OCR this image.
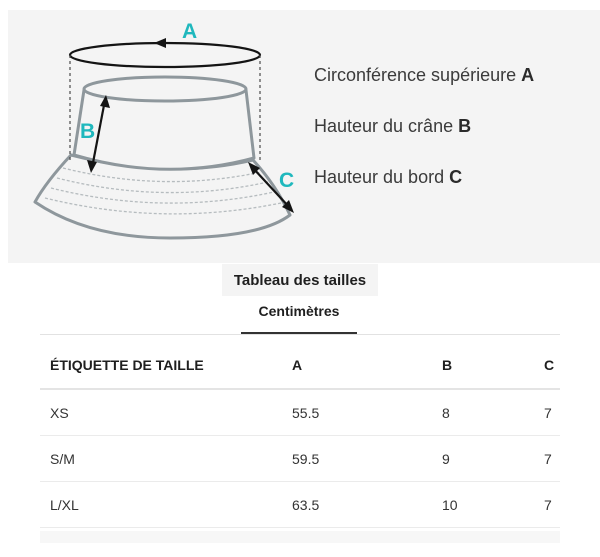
A
B
C
Circonférence supérieure A
Hauteur du crâne B
Hauteur du bord C
Tableau des tailles
Centimètres
ÉTIQUETTE DE TAILLE	A	B	C
XS	55.5	8	7
S/M	59.5	9	7
L/XL	63.5	10	7
